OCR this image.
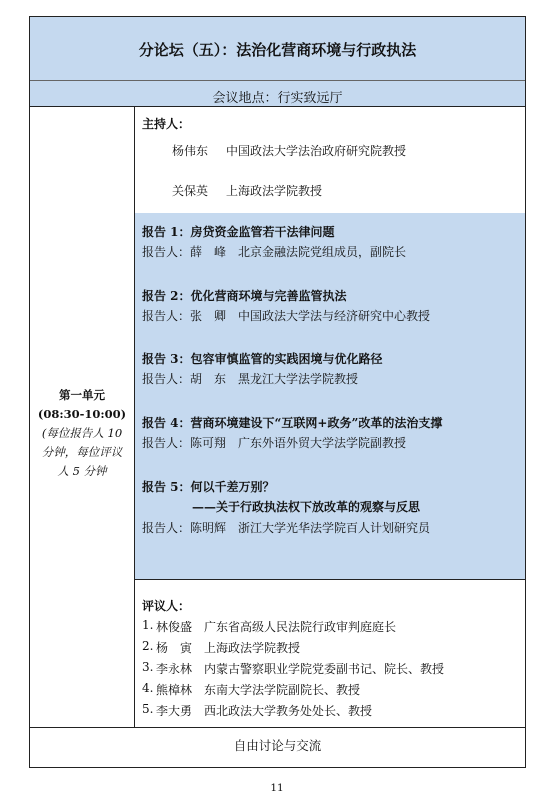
分论坛（五）：法治化营商环境与行政执法
会议地点：行实致远厅
第一单元
(08:30-10:00)
(每位报告人 10
分钟，每位评议
人 5 分钟
主持人：
杨伟东 中国政法大学法治政府研究院教授
关保英 上海政法学院教授
报告 1：房贷资金监管若干法律问题
报告人：薛　峰　北京金融法院党组成员，副院长
报告 2：优化营商环境与完善监管执法
报告人：张　卿　中国政法大学法与经济研究中心教授
报告 3：包容审慎监管的实践困境与优化路径
报告人：胡　东　黑龙江大学法学院教授
报告 4：营商环境建设下“互联网+政务”改革的法治支撑
报告人：陈可翔　广东外语外贸大学法学院副教授
报告 5：何以千差万别？
——关于行政执法权下放改革的观察与反思
报告人：陈明辉　浙江大学光华法学院百人计划研究员
评议人：
1. 林俊盛 广东省高级人民法院行政审判庭庭长
2. 杨　寅 上海政法学院教授
3. 李永林 内蒙古警察职业学院党委副书记、院长、教授
4. 熊樟林 东南大学法学院副院长、教授
5. 李大勇 西北政法大学教务处处长、教授
自由讨论与交流
11
